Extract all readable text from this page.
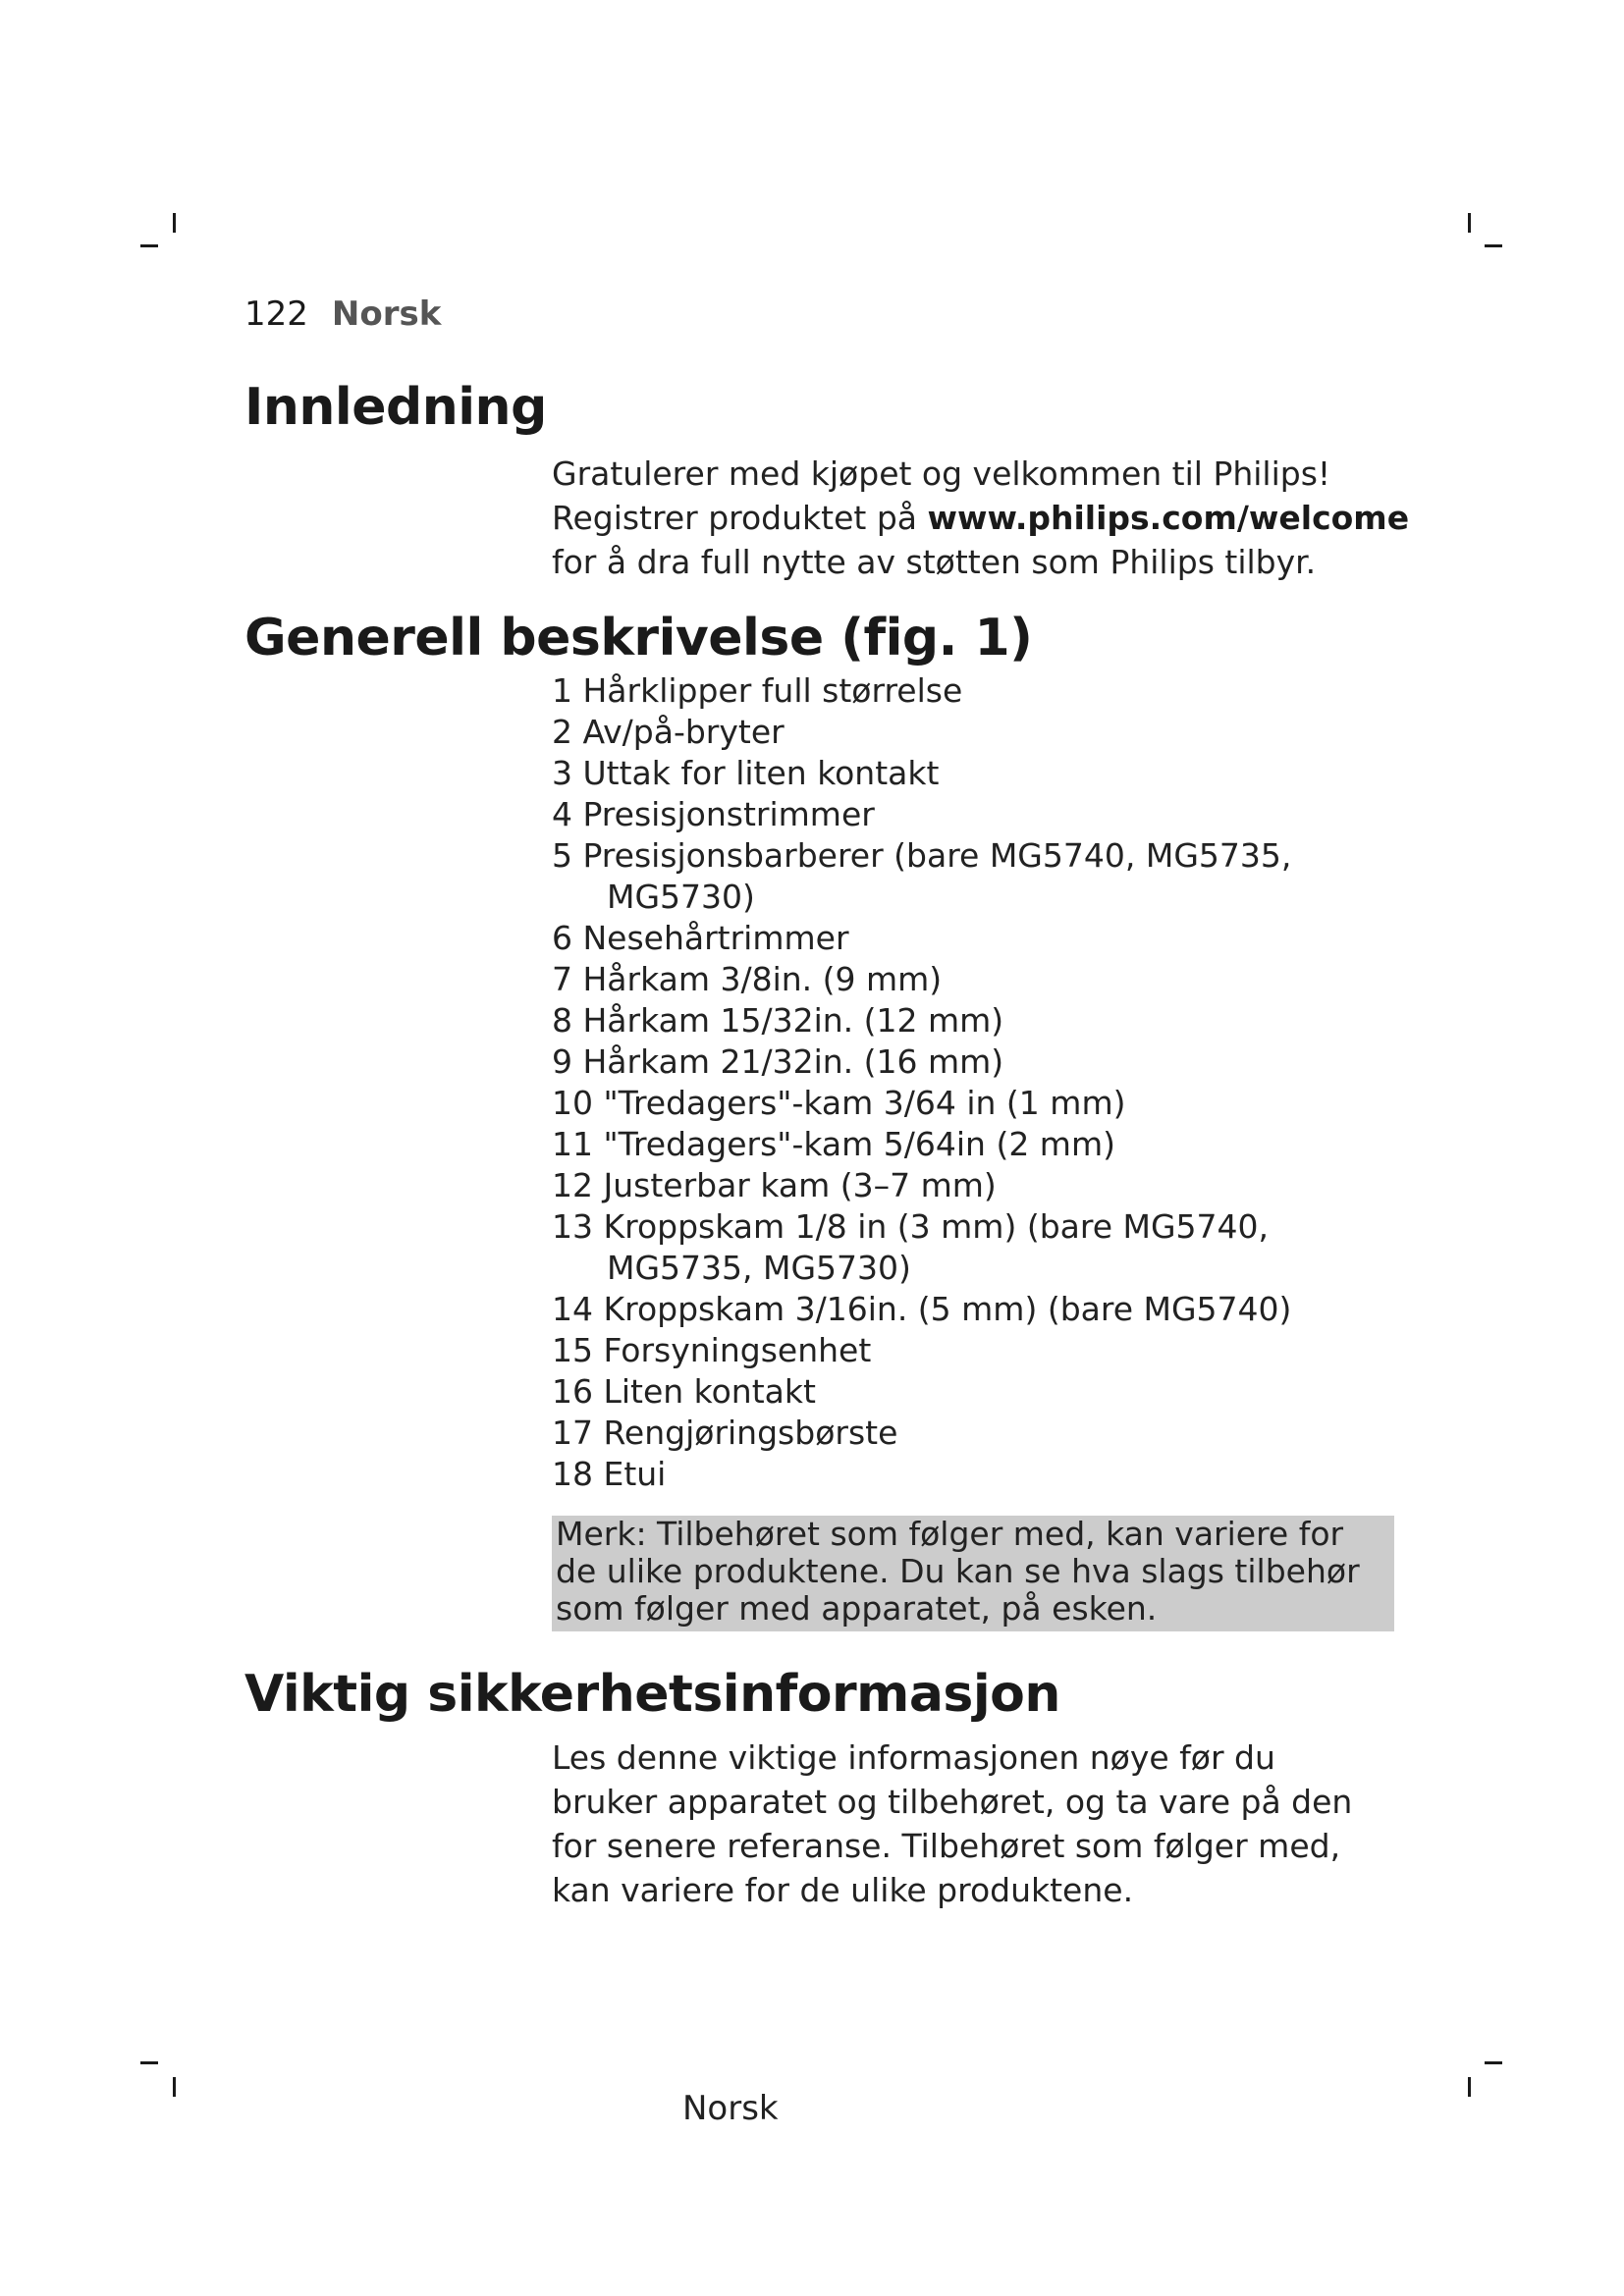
122 Norsk
Innledning

Gratulerer med kjøpet og velkommen til Philips!

Registrer produktet på www.philips.com/welcome

for å dra full nytte av støtten som Philips tilbyr.

Generell beskrivelse (fig. 1)
1 Hårklipper full størrelse
2 Av/på-bryter
3 Uttak for liten kontakt
4 Presisjonstrimmer
5 Presisjonsbarberer (bare MG5740, MG5735, MG5730)
6 Nesehårtrimmer
7 Hårkam 3/8in. (9 mm)
8 Hårkam 15/32in. (12 mm)
9 Hårkam 21/32in. (16 mm)
10 "Tredagers"-kam 3/64 in (1 mm)
11 "Tredagers"-kam 5/64in (2 mm)
12 Justerbar kam (3–7 mm)
13 Kroppskam 1/8 in (3 mm) (bare MG5740, MG5735, MG5730)
14 Kroppskam 3/16in. (5 mm) (bare MG5740)
15 Forsyningsenhet
16 Liten kontakt
17 Rengjøringsbørste
18 Etui
Merk: Tilbehøret som følger med, kan variere for de ulike produktene. Du kan se hva slags tilbehør som følger med apparatet, på esken.
Viktig sikkerhetsinformasjon

Les denne viktige informasjonen nøye før du

bruker apparatet og tilbehøret, og ta vare på den

for senere referanse. Tilbehøret som følger med,

kan variere for de ulike produktene.

Norsk
